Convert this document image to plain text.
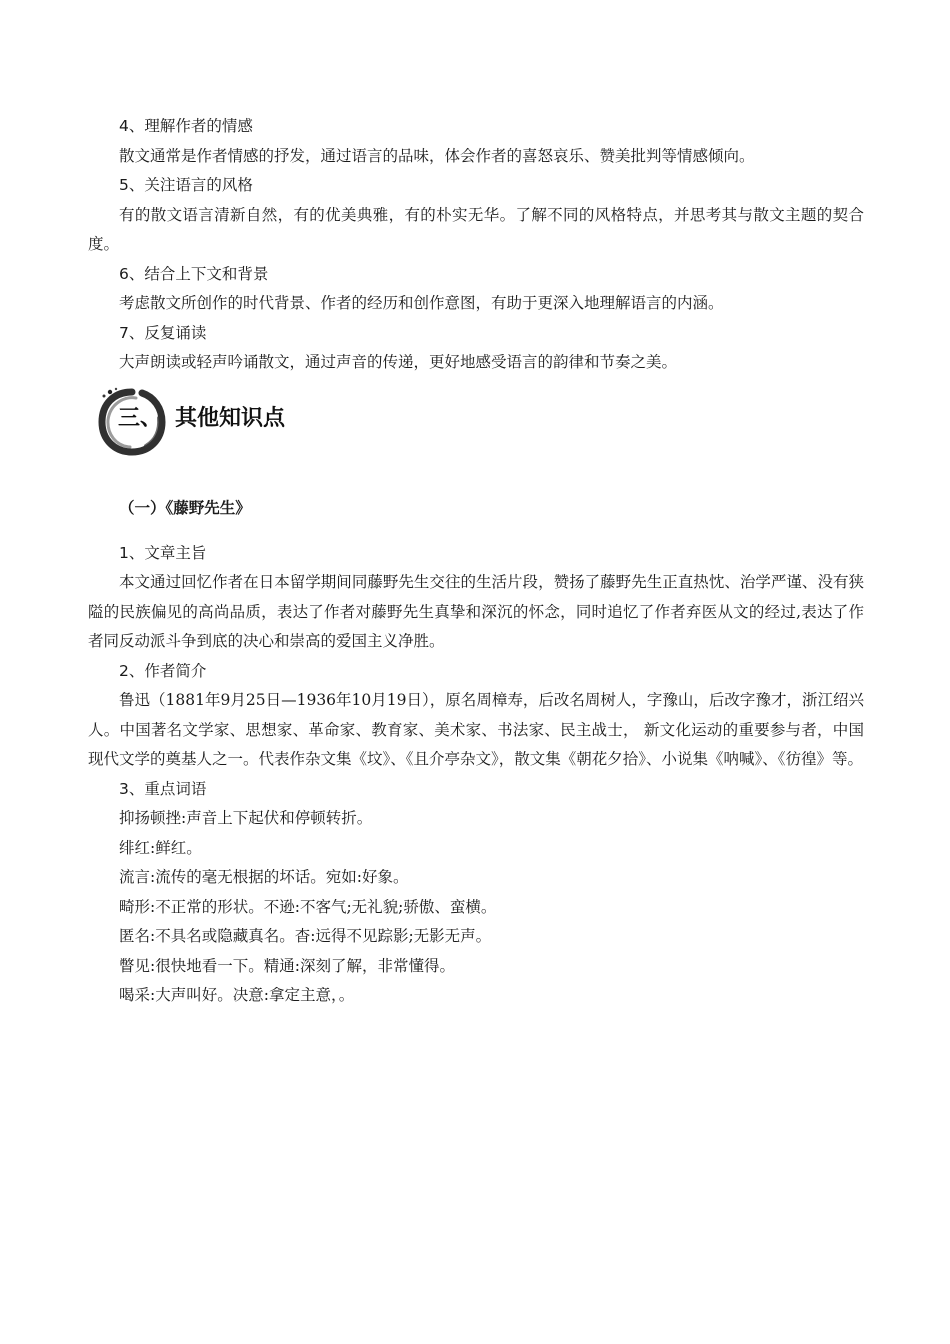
4、理解作者的情感

散文通常是作者情感的抒发，通过语言的品味，体会作者的喜怒哀乐、赞美批判等情感倾向。

5、关注语言的风格

有的散文语言清新自然，有的优美典雅，有的朴实无华。了解不同的风格特点，并思考其与散文主题的契合度。

6、结合上下文和背景

考虑散文所创作的时代背景、作者的经历和创作意图，有助于更深入地理解语言的内涵。

7、反复诵读

大声朗读或轻声吟诵散文，通过声音的传递，更好地感受语言的韵律和节奏之美。

三、 其他知识点

（一）《藤野先生》

1、文章主旨

本文通过回忆作者在日本留学期间同藤野先生交往的生活片段，赞扬了藤野先生正直热忱、治学严谨、没有狭隘的民族偏见的高尚品质，表达了作者对藤野先生真挚和深沉的怀念，同时追忆了作者弃医从文的经过,表达了作者同反动派斗争到底的决心和崇高的爱国主义净胜。

2、作者简介

鲁迅（1881年9月25日—1936年10月19日），原名周樟寿，后改名周树人，字豫山，后改字豫才，浙江绍兴人。中国著名文学家、思想家、革命家、教育家、美术家、书法家、民主战士， 新文化运动的重要参与者，中国现代文学的奠基人之一。代表作杂文集《坟》、《且介亭杂文》，散文集《朝花夕拾》、小说集《呐喊》、《彷徨》等。

3、重点词语

抑扬顿挫:声音上下起伏和停顿转折。

绯红:鲜红。

流言:流传的毫无根据的坏话。宛如:好象。

畸形:不正常的形状。不逊:不客气;无礼貌;骄傲、蛮横。

匿名:不具名或隐藏真名。杳:远得不见踪影;无影无声。

瞥见:很快地看一下。精通:深刻了解，非常懂得。

喝采:大声叫好。决意:拿定主意，。
